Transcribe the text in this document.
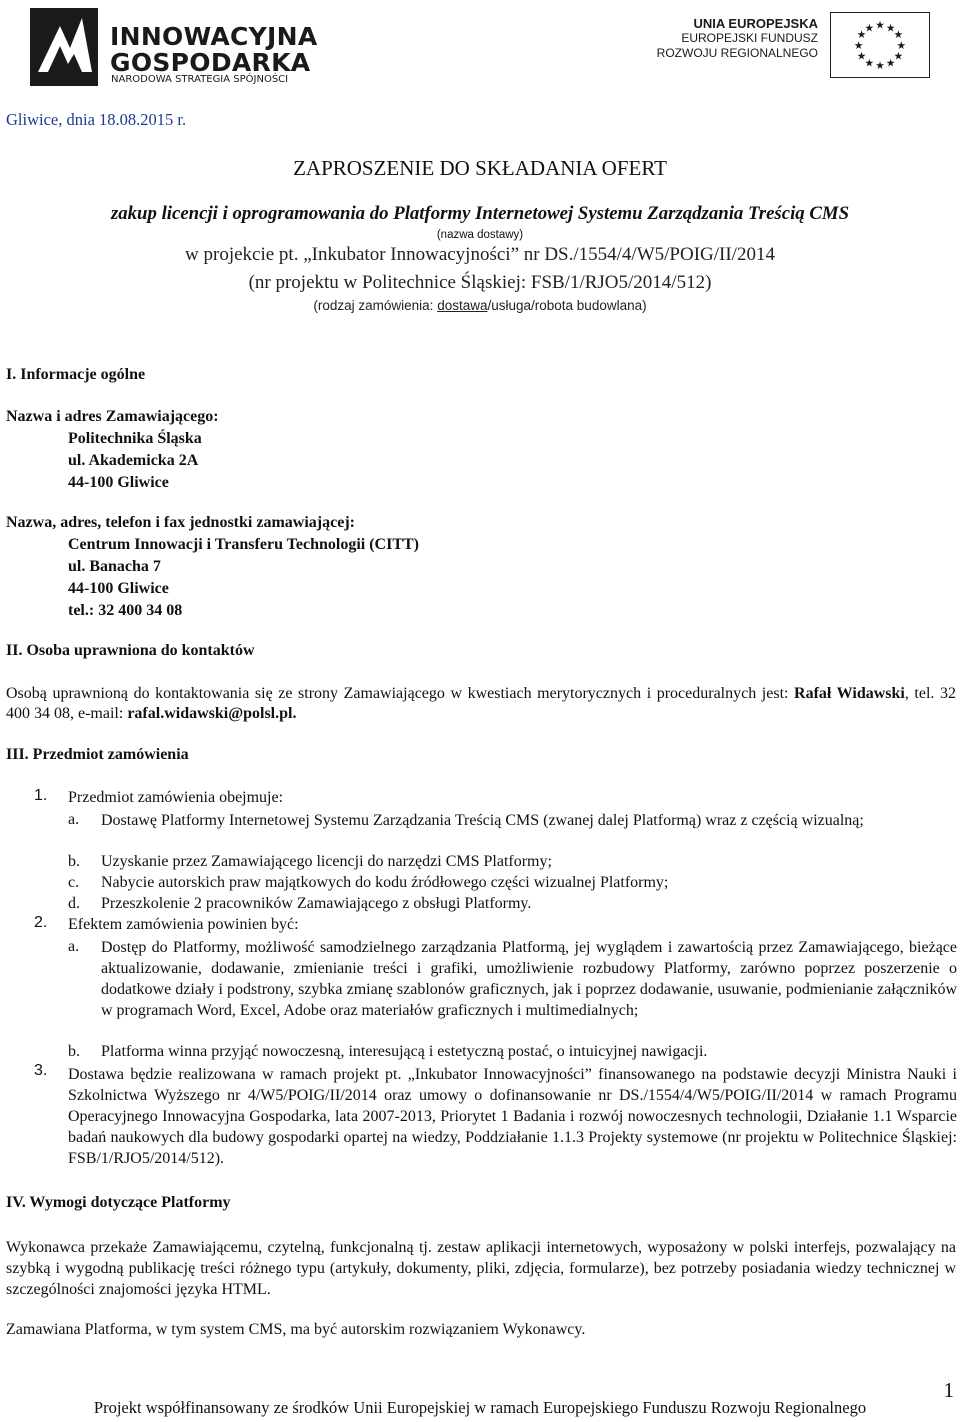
INNOWACYJNA
GOSPODARKA
NARODOWA STRATEGIA SPÓJNOŚCI
UNIA EUROPEJSKA
EUROPEJSKI FUNDUSZ
ROZWOJU REGIONALNEGO
★ ★
★
★
★
★
★
★
★
★
★
★
Gliwice, dnia 18.08.2015 r.
ZAPROSZENIE DO SKŁADANIA OFERT
zakup licencji i oprogramowania do Platformy Internetowej Systemu Zarządzania Treścią CMS
(nazwa dostawy)
w projekcie pt. „Inkubator Innowacyjności” nr DS./1554/4/W5/POIG/II/2014
(nr projektu w Politechnice Śląskiej: FSB/1/RJO5/2014/512)
(rodzaj zamówienia: dostawa/usługa/robota budowlana)
I. Informacje ogólne
Nazwa i adres Zamawiającego:
Politechnika Śląska
ul. Akademicka 2A
44-100 Gliwice
Nazwa, adres, telefon i fax jednostki zamawiającej:
Centrum Innowacji i Transferu Technologii (CITT)
ul. Banacha 7
44-100 Gliwice
tel.: 32 400 34 08
II. Osoba uprawniona do kontaktów
Osobą uprawnioną do kontaktowania się ze strony Zamawiającego w kwestiach merytorycznych i proceduralnych jest: Rafał Widawski, tel. 32 400 34 08, e-mail: rafal.widawski@polsl.pl.
III. Przedmiot zamówienia
1. Przedmiot zamówienia obejmuje:
a. Dostawę Platformy Internetowej Systemu Zarządzania Treścią CMS (zwanej dalej Platformą) wraz z częścią wizualną;
b. Uzyskanie przez Zamawiającego licencji do narzędzi CMS Platformy;
c. Nabycie autorskich praw majątkowych do kodu źródłowego części wizualnej Platformy;
d. Przeszkolenie 2 pracowników Zamawiającego z obsługi Platformy.
2. Efektem zamówienia powinien być:
a. Dostęp do Platformy, możliwość samodzielnego zarządzania Platformą, jej wyglądem i zawartością przez Zamawiającego, bieżące aktualizowanie, dodawanie, zmienianie treści i grafiki, umożliwienie rozbudowy Platformy, zarówno poprzez poszerzenie o dodatkowe działy i podstrony, szybka zmianę szablonów graficznych, jak i poprzez dodawanie, usuwanie, podmienianie załączników w programach Word, Excel, Adobe oraz materiałów graficznych i multimedialnych;
b. Platforma winna przyjąć nowoczesną, interesującą i estetyczną postać, o intuicyjnej nawigacji.
3. Dostawa będzie realizowana w ramach projekt pt. „Inkubator Innowacyjności” finansowanego na podstawie decyzji Ministra Nauki i Szkolnictwa Wyższego nr 4/W5/POIG/II/2014 oraz umowy o dofinansowanie nr DS./1554/4/W5/POIG/II/2014 w ramach Programu Operacyjnego Innowacyjna Gospodarka, lata 2007-2013, Priorytet 1 Badania i rozwój nowoczesnych technologii, Działanie 1.1 Wsparcie badań naukowych dla budowy gospodarki opartej na wiedzy, Poddziałanie 1.1.3 Projekty systemowe (nr projektu w Politechnice Śląskiej: FSB/1/RJO5/2014/512).
IV. Wymogi dotyczące Platformy
Wykonawca przekaże Zamawiającemu, czytelną, funkcjonalną tj. zestaw aplikacji internetowych, wyposażony w polski interfejs, pozwalający na szybką i wygodną publikację treści różnego typu (artykuły, dokumenty, pliki, zdjęcia, formularze), bez potrzeby posiadania wiedzy technicznej w szczególności znajomości języka HTML.
Zamawiana Platforma, w tym system CMS, ma być autorskim rozwiązaniem Wykonawcy.
1
Projekt współfinansowany ze środków Unii Europejskiej w ramach Europejskiego Funduszu Rozwoju Regionalnego
